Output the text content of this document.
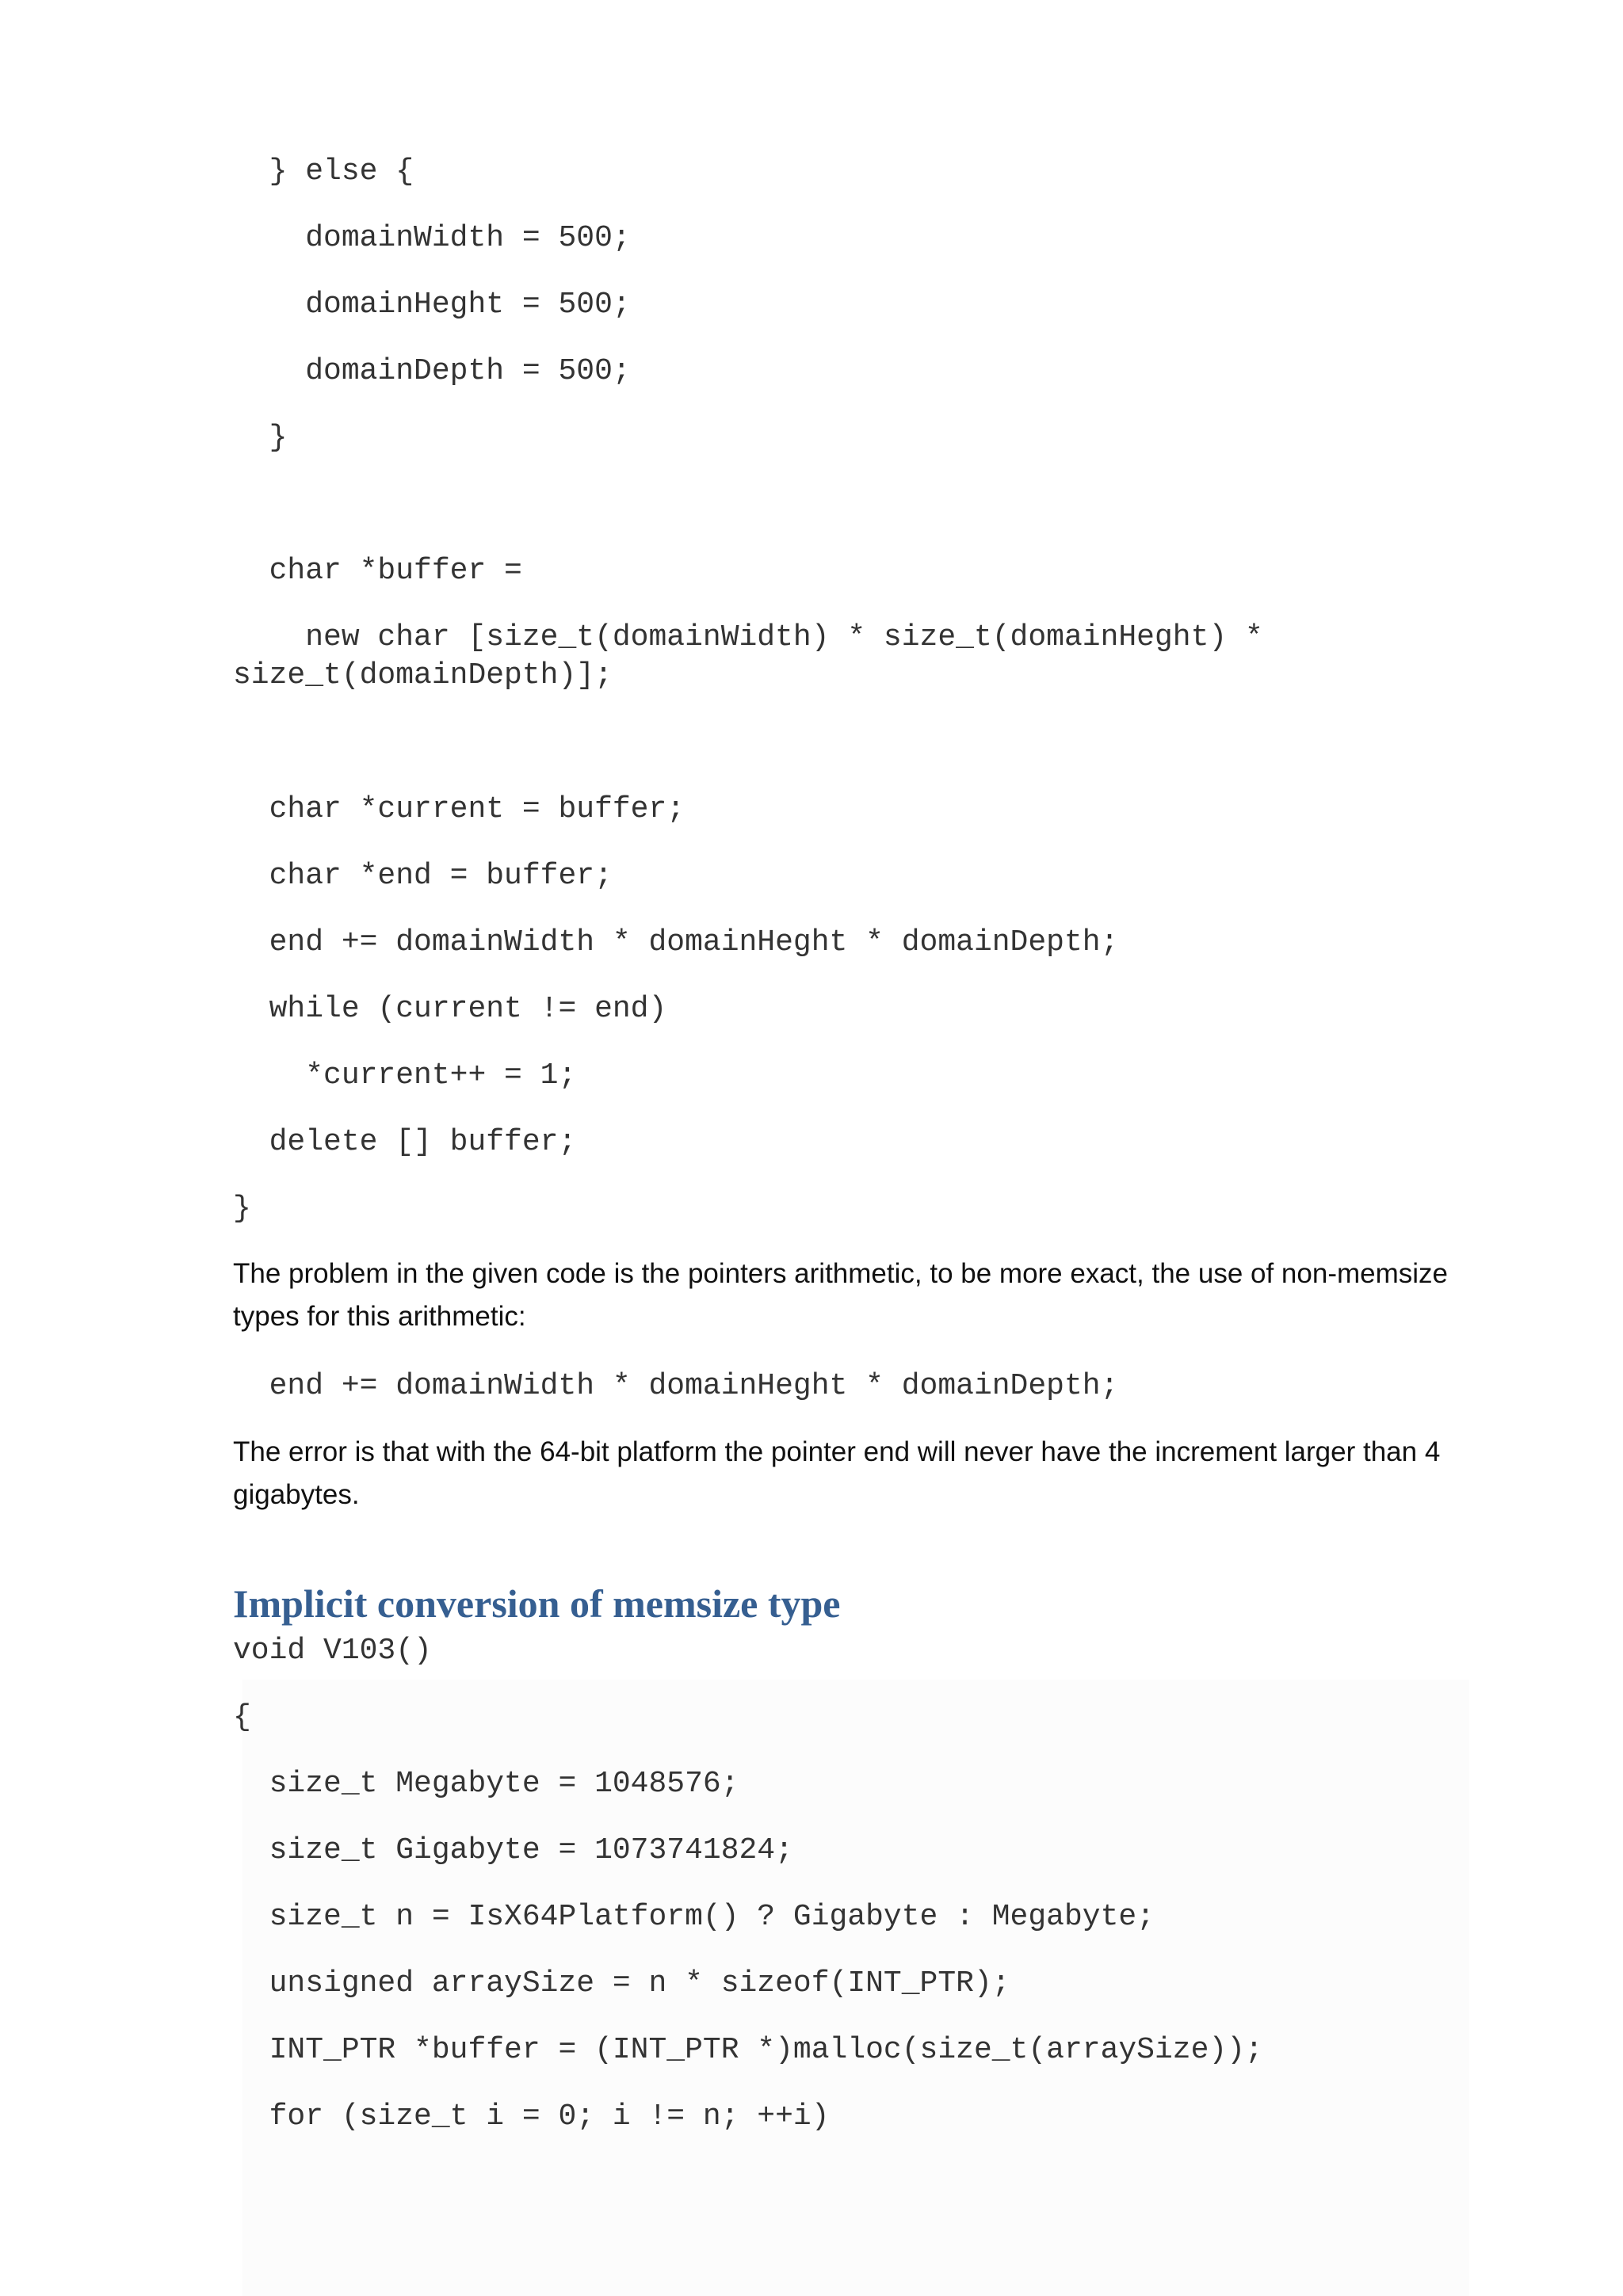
} else {
domainWidth = 500;
domainHeght = 500;
domainDepth = 500;
}
char *buffer =
new char [size_t(domainWidth) * size_t(domainHeght) *
size_t(domainDepth)];
char *current = buffer;
char *end = buffer;
end += domainWidth * domainHeght * domainDepth;
while (current != end)
*current++ = 1;
delete [] buffer;
}

The problem in the given code is the pointers arithmetic, to be more exact, the use of non-memsize types for this arithmetic:

end += domainWidth * domainHeght * domainDepth;

The error is that with the 64-bit platform the pointer end will never have the increment larger than 4 gigabytes.

Implicit conversion of memsize type
void V103()
{
size_t Megabyte = 1048576;
size_t Gigabyte = 1073741824;
size_t n = IsX64Platform() ? Gigabyte : Megabyte;
unsigned arraySize = n * sizeof(INT_PTR);
INT_PTR *buffer = (INT_PTR *)malloc(size_t(arraySize));
for (size_t i = 0; i != n; ++i)
